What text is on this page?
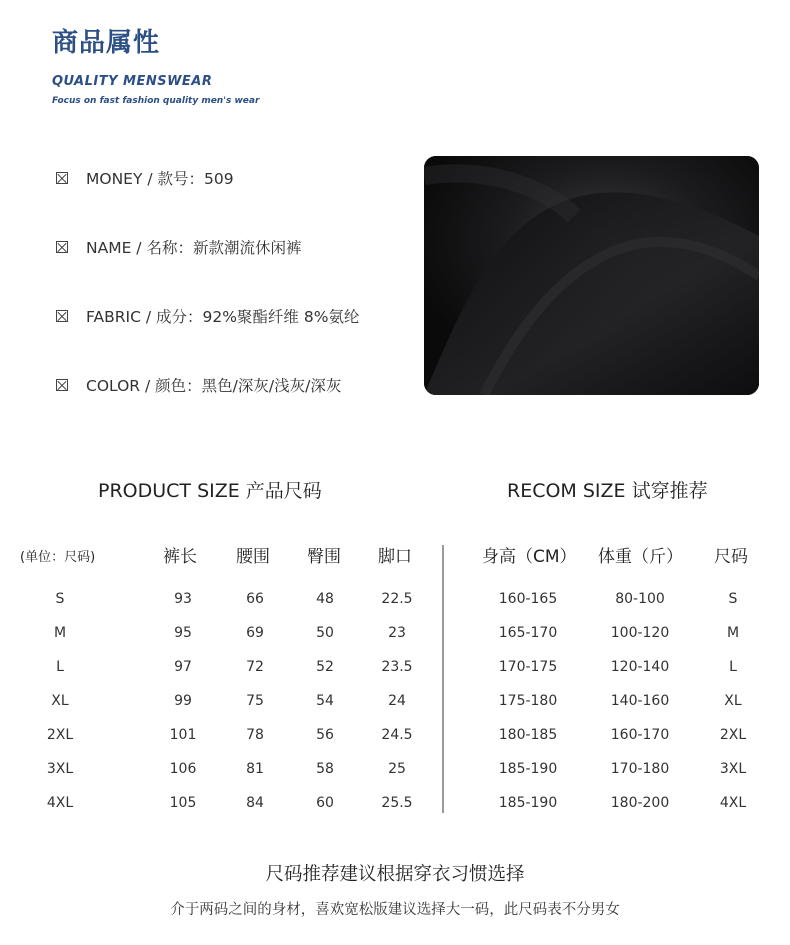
商品属性
QUALITY MENSWEAR
Focus on fast fashion quality men's wear
MONEY / 款号：509
NAME / 名称：新款潮流休闲裤
FABRIC / 成分：92%聚酯纤维 8%氨纶
COLOR / 颜色：黑色/深灰/浅灰/深灰
PRODUCT SIZE 产品尺码	RECOM SIZE 试穿推荐
(单位：尺码)	裤长 腰围 臀围 脚口	身高（CM） 体重（斤） 尺码
S	93	66	48	22.5
M	95	69	50	23
L	97	72	52	23.5
XL	99	75	54	24
2XL	101	78	56	24.5
3XL	106	81	58	25
4XL	105	84	60	25.5
160-165	80-100	S
165-170	100-120	M
170-175	120-140	L
175-180	140-160	XL
180-185	160-170	2XL
185-190	170-180	3XL
185-190	180-200	4XL
尺码推荐建议根据穿衣习惯选择
介于两码之间的身材，喜欢宽松版建议选择大一码，此尺码表不分男女
